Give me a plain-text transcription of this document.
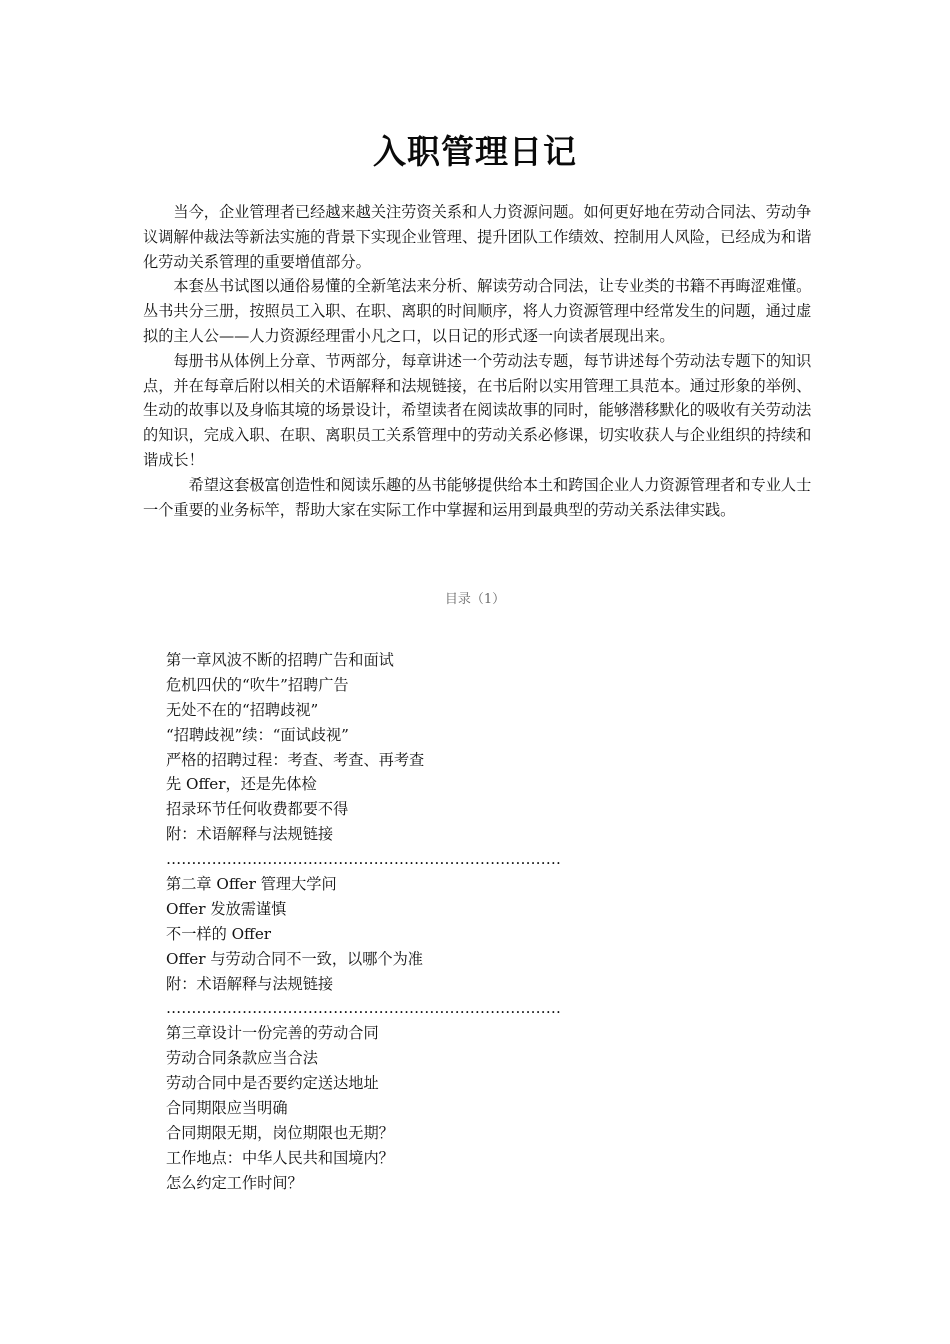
入职管理日记

当今，企业管理者已经越来越关注劳资关系和人力资源问题。如何更好地在劳动合同法、劳动争议调解仲裁法等新法实施的背景下实现企业管理、提升团队工作绩效、控制用人风险，已经成为和谐化劳动关系管理的重要增值部分。

本套丛书试图以通俗易懂的全新笔法来分析、解读劳动合同法，让专业类的书籍不再晦涩难懂。丛书共分三册，按照员工入职、在职、离职的时间顺序，将人力资源管理中经常发生的问题，通过虚拟的主人公——人力资源经理雷小凡之口，以日记的形式逐一向读者展现出来。

每册书从体例上分章、节两部分，每章讲述一个劳动法专题，每节讲述每个劳动法专题下的知识点，并在每章后附以相关的术语解释和法规链接，在书后附以实用管理工具范本。通过形象的举例、生动的故事以及身临其境的场景设计，希望读者在阅读故事的同时，能够潜移默化的吸收有关劳动法的知识，完成入职、在职、离职员工关系管理中的劳动关系必修课，切实收获人与企业组织的持续和谐成长！

希望这套极富创造性和阅读乐趣的丛书能够提供给本土和跨国企业人力资源管理者和专业人士一个重要的业务标竿，帮助大家在实际工作中掌握和运用到最典型的劳动关系法律实践。

目录（1）
第一章风波不断的招聘广告和面试
危机四伏的“吹牛”招聘广告
无处不在的“招聘歧视”
“招聘歧视”续：“面试歧视”
严格的招聘过程：考查、考查、再考查
先 Offer，还是先体检
招录环节任何收费都要不得
附：术语解释与法规链接
……………………………………………………………………
第二章 Offer 管理大学问
Offer 发放需谨慎
不一样的 Offer
Offer 与劳动合同不一致，以哪个为准
附：术语解释与法规链接
……………………………………………………………………
第三章设计一份完善的劳动合同
劳动合同条款应当合法
劳动合同中是否要约定送达地址
合同期限应当明确
合同期限无期，岗位期限也无期？
工作地点：中华人民共和国境内？
怎么约定工作时间？
